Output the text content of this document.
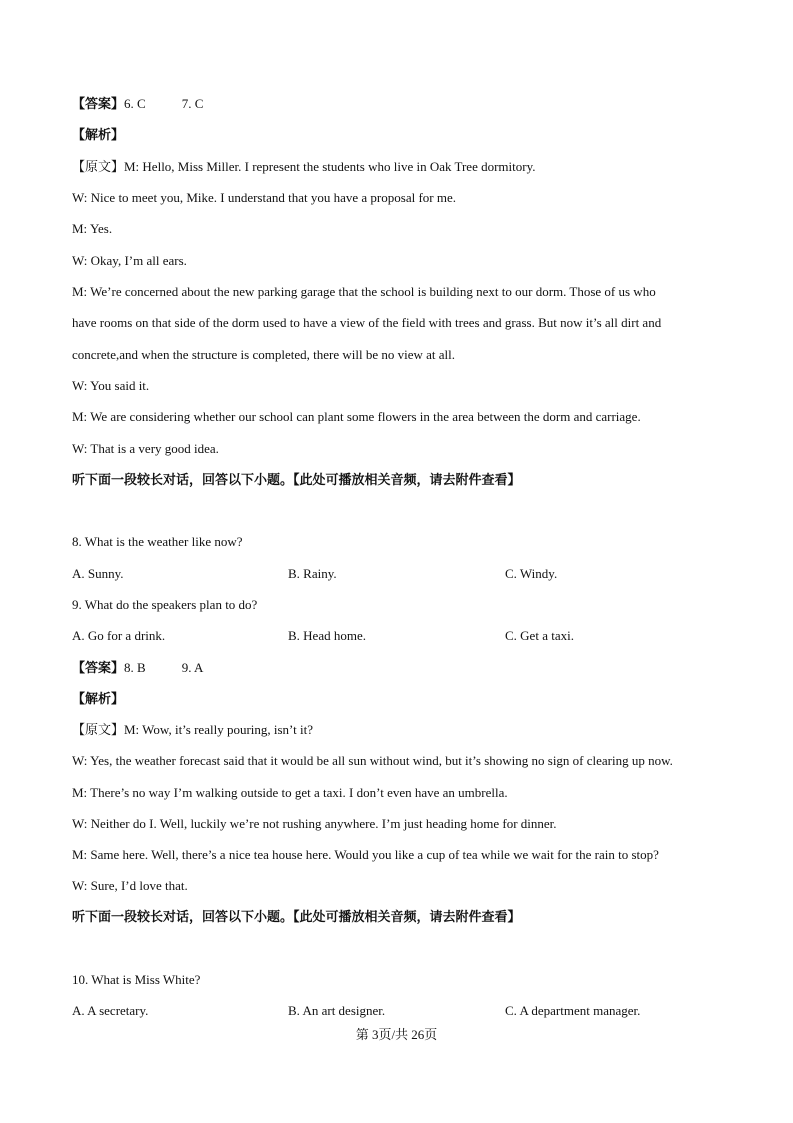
【答案】6. C	7. C
【解析】
【原文】M: Hello, Miss Miller. I represent the students who live in Oak Tree dormitory.
W: Nice to meet you, Mike. I understand that you have a proposal for me.
M: Yes.
W: Okay, I’m all ears.
M: We’re concerned about the new parking garage that the school is building next to our dorm. Those of us who
have rooms on that side of the dorm used to have a view of the field with trees and grass. But now it’s all dirt and
concrete,and when the structure is completed, there will be no view at all.
W: You said it.
M: We are considering whether our school can plant some flowers in the area between the dorm and carriage.
W: That is a very good idea.
听下面一段较长对话，回答以下小题。【此处可播放相关音频，请去附件查看】
8. What is the weather like now?
A. Sunny.	B. Rainy.	C. Windy.
9. What do the speakers plan to do?
A. Go for a drink.	B. Head home.	C. Get a taxi.
【答案】8. B	9. A
【解析】
【原文】M: Wow, it’s really pouring, isn’t it?
W: Yes, the weather forecast said that it would be all sun without wind, but it’s showing no sign of clearing up now.
M: There’s no way I’m walking outside to get a taxi. I don’t even have an umbrella.
W: Neither do I. Well, luckily we’re not rushing anywhere. I’m just heading home for dinner.
M: Same here. Well, there’s a nice tea house here. Would you like a cup of tea while we wait for the rain to stop?
W: Sure, I’d love that.
听下面一段较长对话，回答以下小题。【此处可播放相关音频，请去附件查看】
10. What is Miss White?
A. A secretary.	B. An art designer.	C. A department manager.
第 3页/共 26页
